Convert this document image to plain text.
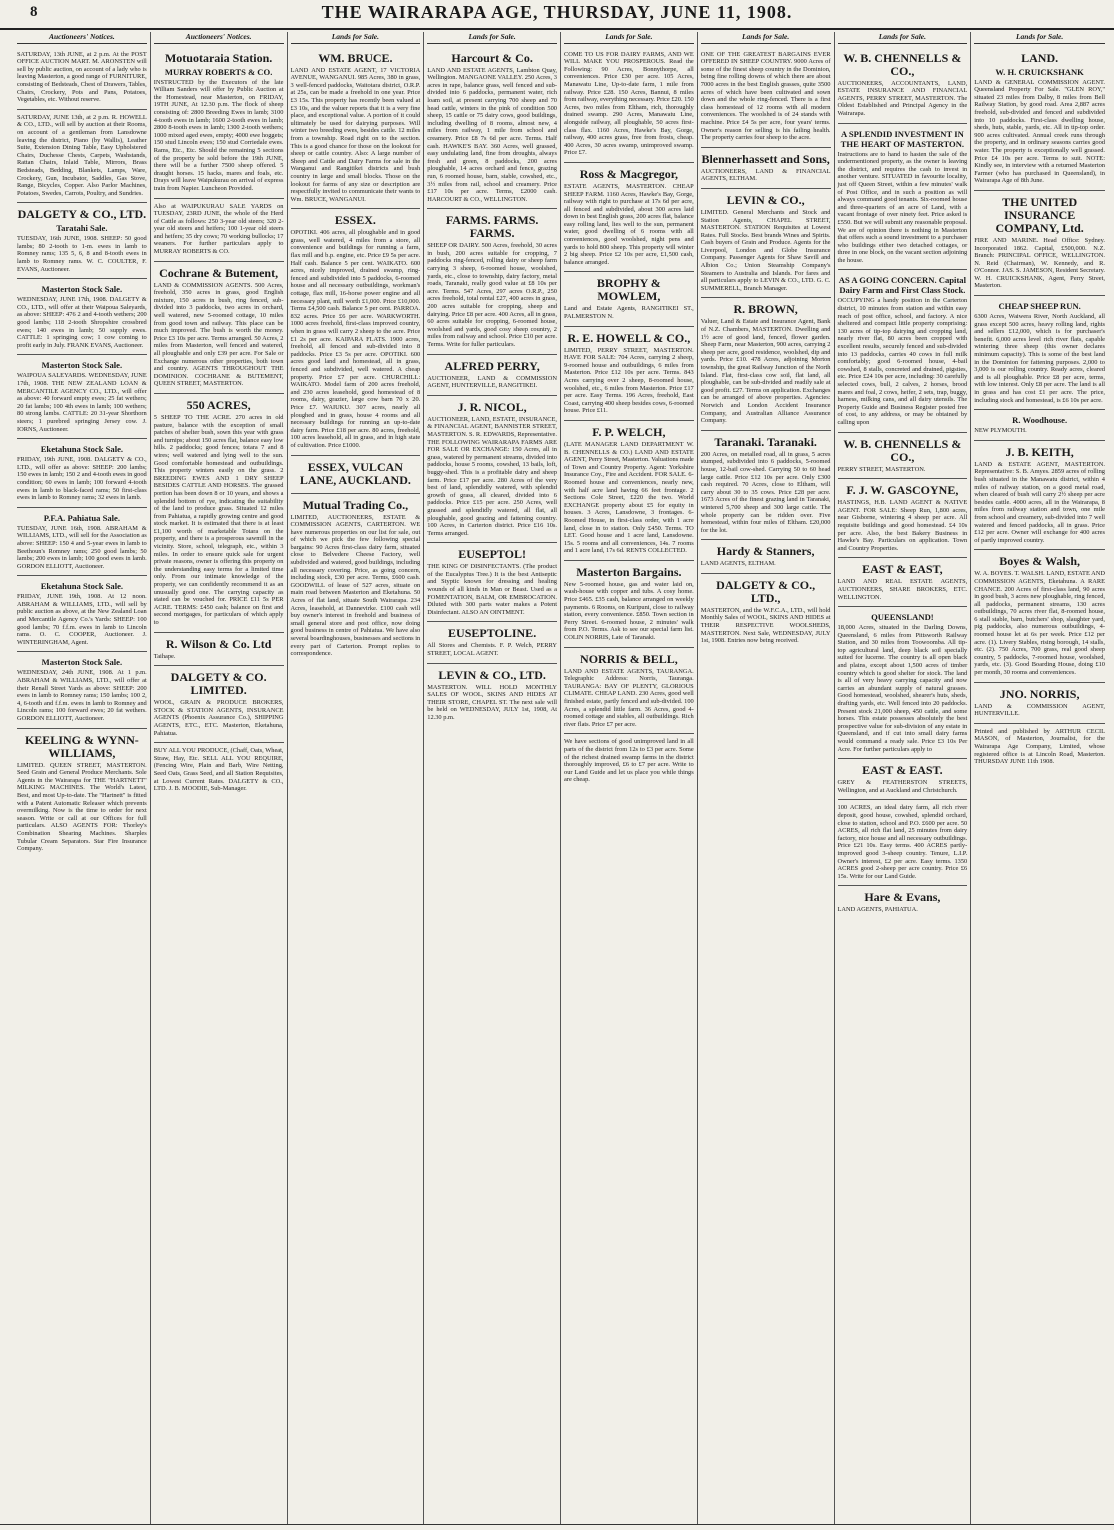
8	THE WAIRARAPA AGE, THURSDAY, JUNE 11, 1908.
Auctioneers' Notices.
SATURDAY, 13th JUNE, at 2 p.m. At the POST OFFICE AUCTION MART. M. ARONSTEN will sell by public auction, on account of a lady who is leaving Masterton, a good range of FURNITURE, consisting of Bedsteads, Chest of Drawers, Tables, Chairs, Crockery, Pots and Pans, Potatoes, Vegetables, etc. Without reserve.
SATURDAY, JUNE 13th, at 2 p.m. R. HOWELL & CO., LTD., will sell by auction at their Rooms, on account of a gentleman from Lansdowne leaving the district, Piano (by Wallis), Leather Suite, Extension Dining Table, Easy Upholstered Chairs, Duchesse Chests, Carpets, Washstands, Rattan Chairs, Inlaid Table, Mirrors, Brass Bedsteads, Bedding, Blankets, Lamps, Ware, Crockery, Gun, Incubator, Saddles, Gas Stove, Range, Bicycles, Copper. Also Parlor Machines, Potatoes, Swedes, Carrots, Poultry, and Sundries.
DALGETY & CO., LTD.
Taratahi Sale.
TUESDAY, 16th JUNE, 1908. SHEEP: 50 good lambs; 80 2-tooth to 1-m. ewes in lamb to Romney rams; 135 5, 6, 8 and 8-tooth ewes in lamb to Romney rams. W. C. COULTER, F. EVANS, Auctioneer.
Masterton Stock Sale.
WEDNESDAY, JUNE 17th, 1908. DALGETY & CO., LTD., will offer at their Waipoua Saleyards, as above: SHEEP: 476 2 and 4-tooth wethers; 200 good lambs; 118 2-tooth Shropshire crossbred ewes; 140 ewes in lamb; 50 supply ewes. CATTLE: 1 springing cow; 1 cow coming to profit early in July. FRANK EVANS, Auctioneer.
Masterton Stock Sale.
WAIPOUA SALEYARDS. WEDNESDAY, JUNE 17th, 1908. THE NEW ZEALAND LOAN & MERCANTILE AGENCY CO., LTD., will offer as above: 40 forward empty ewes; 25 fat wethers; 20 fat lambs; 100 4th ewes in lamb; 100 wethers; 80 strong lambs. CATTLE: 20 31-year Shorthorn steers; 1 purebred springing Jersey cow. J. IORNS, Auctioneer.
Eketahuna Stock Sale.
FRIDAY, 19th JUNE, 1908. DALGETY & CO., LTD., will offer as above: SHEEP: 200 lambs; 150 ewes in lamb; 150 2 and 4-tooth ewes in good condition; 60 ewes in lamb; 100 forward 4-tooth ewes in lamb to black-faced rams; 50 first-class ewes in lamb to Romney rams; 32 ewes in lamb.
P.F.A. Pahiatua Sale.
TUESDAY, JUNE 16th, 1908. ABRAHAM & WILLIAMS, LTD., will sell for the Association as above: SHEEP: 150 4 and 5-year ewes in lamb to Beethoun's Romney rams; 250 good lambs; 50 lambs; 200 ewes in lamb; 100 good ewes in lamb. GORDON ELLIOTT, Auctioneer.
Eketahuna Stock Sale.
FRIDAY, JUNE 19th, 1908. At 12 noon. ABRAHAM & WILLIAMS, LTD., will sell by public auction as above, at the New Zealand Loan and Mercantile Agency Co.'s Yards: SHEEP: 100 good lambs; 70 f.f.m. ewes in lamb to Lincoln rams. O. C. COOPER, Auctioneer. J. WINTERINGHAM, Agent.
Masterton Stock Sale.
WEDNESDAY, 24th JUNE, 1908. At 1 p.m. ABRAHAM & WILLIAMS, LTD., will offer at their Renall Street Yards as above: SHEEP: 200 ewes in lamb to Romney rams; 150 lambs; 100 2, 4, 6-tooth and f.f.m. ewes in lamb to Romney and Lincoln rams; 100 forward ewes; 20 fat wethers. GORDON ELLIOTT, Auctioneer.
KEELING & WYNN-WILLIAMS,
LIMITED. QUEEN STREET, MASTERTON. Seed Grain and General Produce Merchants. Sole Agents in the Wairarapa for THE "HARTNETT" MILKING MACHINES. The World's Latest, Best, and most Up-to-date. The "Hartnett" is fitted with a Patent Automatic Releaser which prevents overmilking. Now is the time to order for next season. Write or call at our Offices for full particulars. ALSO AGENTS FOR: Thorley's Combination Shearing Machines. Sharples Tubular Cream Separators. Star Fire Insurance Company.
Auctioneers' Notices.
Motuotaraia Station.
MURRAY ROBERTS & CO.
INSTRUCTED by the Executors of the late William Sanders will offer by Public Auction at the Homestead, near Masterton, on FRIDAY, 19TH JUNE, At 12.30 p.m. The flock of sheep consisting of: 2800 Breeding Ewes in lamb; 3100 4-tooth ewes in lamb; 1600 2-tooth ewes in lamb; 2800 8-tooth ewes in lamb; 1300 2-tooth wethers; 1000 mixed aged ewes, empty; 4000 ewe hoggets; 150 stud Lincoln ewes; 150 stud Corriedale ewes. Rams, Etc., Etc. Should the remaining 5 sections of the property be sold before the 19th JUNE, there will be a further 7500 sheep offered. 5 draught horses. 15 hacks, mares and foals, etc. Drays will leave Waipukurau on arrival of express train from Napier. Luncheon Provided.
Also at WAIPUKURAU SALE YARDS on TUESDAY, 23RD JUNE, the whole of the Herd of Cattle as follows: 250 3-year old steers; 320 2-year old steers and heifers; 100 1-year old steers and heifers; 35 dry cows; 70 working bullocks; 17 weaners. For further particulars apply to MURRAY ROBERTS & CO.
Cochrane & Butement,
LAND & COMMISSION AGENTS. 500 Acres, freehold, 350 acres in grass, good English mixture, 150 acres in bush, ring fenced, sub-divided into 3 paddocks, two acres in orchard, well watered, new 5-roomed cottage, 10 miles from good town and railway. This place can be much improved. The bush is worth the money. Price £3 10s per acre. Terms arranged. 50 Acres, 2 miles from Masterton, well fenced and watered, all ploughable and only £39 per acre. For Sale or Exchange numerous other properties, both town and country. AGENTS THROUGHOUT THE DOMINION. COCHRANE & BUTEMENT, QUEEN STREET, MASTERTON.
550 ACRES,
5 SHEEP TO THE ACRE. 270 acres in old pasture, balance with the exception of small patches of shelter bush, sown this year with grass and turnips; about 150 acres flat, balance easy low hills. 2 paddocks; good fences; totara 7 and 8 wires; well watered and lying well to the sun. Good comfortable homestead and outbuildings. This property winters easily on the grass. 2 BREEDING EWES AND 1 DRY SHEEP BESIDES CATTLE AND HORSES. The grassed portion has been down 8 or 10 years, and shows a splendid bottom of rye, indicating the suitability of the land to produce grass. Situated 12 miles from Pahiatua, a rapidly growing centre and good stock market. It is estimated that there is at least £1,100 worth of marketable Totara on the property, and there is a prosperous sawmill in the vicinity. Store, school, telegraph, etc., within 3 miles. In order to ensure quick sale for urgent private reasons, owner is offering this property on the understanding easy terms for a limited time only. From our intimate knowledge of the property, we can confidently recommend it as an unusually good one. The carrying capacity as stated can be vouched for. PRICE £11 5s PER ACRE. TERMS: £450 cash; balance on first and second mortgages, for particulars of which apply to
R. Wilson & Co. Ltd
Taihape.
DALGETY & CO. LIMITED.
WOOL, GRAIN & PRODUCE BROKERS, STOCK & STATION AGENTS, INSURANCE AGENTS (Phoenix Assurance Co.), SHIPPING AGENTS, ETC., ETC. Masterton, Eketahuna, Pahiatua.
BUY ALL YOU PRODUCE, (Chaff, Oats, Wheat, Straw, Hay, Etc. SELL ALL YOU REQUIRE, (Fencing Wire, Plain and Barb, Wire Netting, Seed Oats, Grass Seed, and all Station Requisites, at Lowest Current Rates. DALGETY & CO., LTD. J. B. MOODIE, Sub-Manager.
Lands for Sale.
WM. BRUCE.
LAND AND ESTATE AGENT, 17 VICTORIA AVENUE, WANGANUI. 985 Acres, 380 in grass, 3 well-fenced paddocks, Waitotara district, O.R.P. at 25s, can be made a freehold in one year. Price £3 15s. This property has recently been valued at £3 10s, and the valuer reports that it is a very fine place, and exceptional value. A portion of it could ultimately be used for dairying purposes. Will winter two breeding ewes, besides cattle. 12 miles from a township. Road right on to the section. This is a good chance for those on the lookout for sheep or cattle country. Also: A large number of Sheep and Cattle and Dairy Farms for sale in the Wanganui and Rangitikei districts and bush country in large and small blocks. Those on the lookout for farms of any size or description are respectfully invited to communicate their wants to Wm. BRUCE, WANGANUI.
ESSEX.
OPOTIKI. 406 acres, all ploughable and in good grass, well watered, 4 miles from a store, all convenience and buildings for running a farm, flax mill and b.p. engine, etc. Price £9 5s per acre. Half cash. Balance 5 per cent. WAIKATO. 600 acres, nicely improved, drained swamp, ring-fenced and subdivided into 5 paddocks, 6-roomed house and all necessary outbuildings, workman's cottage, flax mill, 16-horse power engine and all necessary plant, mill worth £1,000. Price £10,000. Terms £4,500 cash. Balance 5 per cent. PARROA. 832 acres. Price £6 per acre. WARKWORTH. 1000 acres freehold, first-class improved country, when in grass will carry 2 sheep to the acre. Price £1 2s per acre. KAIPARA FLATS. 1900 acres, freehold, all fenced and sub-divided into 8 paddocks. Price £3 5s per acre. OPOTIKI. 600 acres good land and homestead, all in grass, fenced and subdivided, well watered. A cheap property. Price £7 per acre. CHURCHILL: WAIKATO. Model farm of 200 acres freehold, and 230 acres leasehold, good homestead of 8 rooms, dairy, grazier, large cow barn 70 x 20. Price £7. WAIUKU. 307 acres, nearly all ploughed and in grass, house 4 rooms and all necessary buildings for running an up-to-date dairy farm. Price £18 per acre. 80 acres, freehold, 100 acres leasehold, all in grass, and in high state of cultivation. Price £1000.
ESSEX, VULCAN LANE, AUCKLAND.
Mutual Trading Co.,
LIMITED, AUCTIONEERS, ESTATE & COMMISSION AGENTS, CARTERTON. WE have numerous properties on our list for sale, out of which we pick the few following special bargains: 90 Acres first-class dairy farm, situated close to Belvedere Cheese Factory, well subdivided and watered, good buildings, including all necessary covering. Price, as going concern, including stock, £30 per acre. Terms, £600 cash. GOODWILL of lease of 527 acres, situate on main road between Masterton and Eketahuna. 50 Acres of flat land, situate South Wairarapa. 234 Acres, leasehold, at Dannevirke. £100 cash will buy owner's interest in freehold and business of small general store and post office, now doing good business in centre of Pahiatua. We have also several boardinghouses, businesses and sections in every part of Carterton. Prompt replies to correspondence.
Lands for Sale.
Harcourt & Co.
LAND AND ESTATE AGENTS, Lambton Quay, Wellington. MANGAONE VALLEY. 250 Acres, 3 acres in rape, balance grass, well fenced and sub-divided into 6 paddocks, permanent water, rich loam soil, at present carrying 700 sheep and 70 head cattle, winters in the pink of condition 500 sheep, 15 cattle or 75 dairy cows, good buildings, including dwelling of 8 rooms, almost new, 4 miles from railway, 1 mile from school and creamery. Price £8 7s 6d per acre. Terms. Half cash. HAWKE'S BAY. 360 Acres, well grassed, easy undulating land, fine from droughts, always fresh and green, 8 paddocks, 200 acres ploughable, 14 acres orchard and fence, grazing run, 6 roomed house, barn, stable, cowshed, etc., 3½ miles from rail, school and creamery. Price £17 10s per acre. Terms, £2000 cash. HARCOURT & CO., WELLINGTON.
FARMS. FARMS. FARMS.
SHEEP OR DAIRY. 500 Acres, freehold, 30 acres in bush, 200 acres suitable for cropping, 7 paddocks ring-fenced, rolling dairy or sheep farm carrying 3 sheep, 6-roomed house, woolshed, yards, etc., close to township, dairy factory, metal roads, Taranaki, really good value at £8 10s per acre. Terms. 547 Acres, 297 acres O.R.P., 250 acres freehold, total rental £27, 400 acres in grass, 200 acres suitable for cropping, sheep and dairying. Price £8 per acre. 400 Acres, all in grass, 60 acres suitable for cropping, 6-roomed house, woolshed and yards, good cosy sheep country, 2 miles from railway and school. Price £10 per acre. Terms. Write for fuller particulars.
ALFRED PERRY,
AUCTIONEER, LAND & COMMISSION AGENT, HUNTERVILLE, RANGITIKEI.
J. R. NICOL,
AUCTIONEER, LAND, ESTATE, INSURANCE, & FINANCIAL AGENT, BANNISTER STREET, MASTERTON. S. R. EDWARDS, Representative. THE FOLLOWING WAIRARAPA FARMS ARE FOR SALE OR EXCHANGE: 150 Acres, all in grass, watered by permanent streams, divided into paddocks, house 5 rooms, cowshed, 13 bails, loft, buggy-shed. This is a profitable dairy and sheep farm. Price £17 per acre. 280 Acres of the very best of land, splendidly watered, with splendid growth of grass, all cleared, divided into 6 paddocks. Price £15 per acre. 250 Acres, well grassed and splendidly watered, all flat, all ploughable, good grazing and fattening country. 100 Acres, in Carterton district. Price £16 10s. Terms arranged.
EUSEPTOL!
THE KING OF DISINFECTANTS. (The product of the Eucalyptus Tree.) It is the best Antiseptic and Styptic known for dressing and healing wounds of all kinds in Man or Beast. Used as a FOMENTATION, BALM, OR EMBROCATION. Diluted with 300 parts water makes a Potent Disinfectant. ALSO AN OINTMENT.
EUSEPTOLINE.
All Stores and Chemists. F. P. Welch, PERRY STREET, LOCAL AGENT.
LEVIN & CO., LTD.
MASTERTON. WILL HOLD MONTHLY SALES OF WOOL, SKINS AND HIDES AT THEIR STORE, CHAPEL ST. The next sale will be held on WEDNESDAY, JULY 1st, 1908, At 12.30 p.m.
Lands for Sale.
COME TO US FOR DAIRY FARMS, AND WE WILL MAKE YOU PROSPEROUS. Read the Following: 90 Acres, Bonnythorpe, all conveniences. Price £30 per acre. 105 Acres, Manawatu Line, Up-to-date farm, 1 mile from railway. Price £28. 150 Acres, Bannui, 8 miles from railway, everything necessary. Price £20. 150 Acres, two miles from Eltham, rich, thoroughly drained swamp. 290 Acres, Manawatu Line, alongside railway, all ploughable, 50 acres first-class flax. 1160 Acres, Hawke's Bay, Gorge, railway, 400 acres grass, free from frosts, cheap. 400 Acres, 30 acres swamp, unimproved swamp. Price £7.
Ross & Macgregor,
ESTATE AGENTS, MASTERTON. CHEAP SHEEP FARM. 1160 Acres, Hawke's Bay, Gorge, railway with right to purchase at 17s 6d per acre, all fenced and subdivided, about 300 acres laid down in best English grass, 200 acres flat, balance easy rolling land, lies well to the sun, permanent water, good dwelling of 6 rooms with all conveniences, good woolshed, night pens and yards to hold 800 sheep. This property will winter 2 big sheep. Price £2 10s per acre, £1,500 cash, balance arranged.
BROPHY & MOWLEM,
Land and Estate Agents, RANGITIKEI ST., PALMERSTON N.
R. E. HOWELL & CO.,
LIMITED, PERRY STREET, MASTERTON. HAVE FOR SALE: 704 Acres, carrying 2 sheep, 9-roomed house and outbuildings, 6 miles from Masterton. Price £12 10s per acre. Terms. 843 Acres carrying over 2 sheep, 8-roomed house, woolshed, etc., 6 miles from Masterton. Price £17 per acre. Easy Terms. 196 Acres, freehold, East Coast, carrying 400 sheep besides cows, 6-roomed house. Price £11.
F. P. WELCH,
(LATE MANAGER LAND DEPARTMENT W. B. CHENNELLS & CO.) LAND AND ESTATE AGENT, Perry Street, Masterton. Valuations made of Town and Country Property. Agent: Yorkshire Insurance Coy., Fire and Accident. FOR SALE. 6-Roomed house and conveniences, nearly new, with half acre land having 66 feet frontage. 2 Sections Cole Street, £220 the two. World EXCHANGE property about £5 for equity in houses. 3 Acres, Lansdowne, 3 frontages. 6-Roomed House, in first-class order, with 1 acre land, close in to station. Only £450. Terms. TO LET. Good house and 1 acre land, Lansdowne. 15s. 5 rooms and all conveniences, 14s. 7 rooms and 1 acre land, 17s 6d. RENTS COLLECTED.
Masterton Bargains.
New 5-roomed house, gas and water laid on, wash-house with copper and tubs. A cosy home. Price £465. £35 cash, balance arranged on weekly payments. 6 Rooms, on Kuripuni, close to railway station, every convenience. £850. Town section in Perry Street. 6-roomed house, 2 minutes' walk from P.O. Terms. Ask to see our special farm list. COLIN NORRIS, Late of Taranaki.
NORRIS & BELL,
LAND AND ESTATE AGENTS, TAURANGA. Telegraphic Address: Norris, Tauranga. TAURANGA: BAY OF PLENTY, GLORIOUS CLIMATE. CHEAP LAND. 230 Acres, good well finished estate, partly fenced and sub-divided. 100 Acres, a splendid little farm. 36 Acres, good 4-roomed cottage and stables, all outbuildings. Rich river flats. Price £7 per acre.
We have sections of good unimproved land in all parts of the district from 12s to £3 per acre. Some of the richest drained swamp farms in the district thoroughly improved, £6 to £7 per acre. Write to our Land Guide and let us place you while things are cheap.
Lands for Sale.
ONE OF THE GREATEST BARGAINS EVER OFFERED IN SHEEP COUNTRY. 9000 Acres of some of the finest sheep country in the Dominion, being fine rolling downs of which there are about 7000 acres in the best English grasses, quite 3500 acres of which have been cultivated and sown down and the whole ring-fenced. There is a first class homestead of 12 rooms with all modern conveniences. The woolshed is of 24 stands with machine. Price £4 5s per acre, four years' terms. Owner's reason for selling is his failing health. The property carries four sheep to the acre.
Blennerhassett and Sons,
AUCTIONEERS, LAND & FINANCIAL AGENTS, ELTHAM.
LEVIN & CO.,
LIMITED. General Merchants and Stock and Station Agents, CHAPEL STREET, MASTERTON. STATION Requisites at Lowest Rates. Full Stocks. Best brands Wines and Spirits. Cash buyers of Grain and Produce. Agents for the Liverpool, London and Globe Insurance Company. Passenger Agents for Shaw Savill and Albion Co.; Union Steamship Company's Steamers to Australia and Islands. For fares and all particulars apply to LEVIN & CO., LTD. G. C. SUMMERELL, Branch Manager.
R. BROWN,
Valuer, Land & Estate and Insurance Agent, Bank of N.Z. Chambers, MASTERTON. Dwelling and 1½ acre of good land, fenced, flower garden. Sheep Farm, near Masterton, 900 acres, carrying 2 sheep per acre, good residence, woolshed, dip and yards. Price £10. 478 Acres, adjoining Morton township, the great Railway Junction of the North Island. Flat, first-class cow soil, flat land, all ploughable, can be sub-divided and readily sale at good profit. £27. Terms on application. Exchanges can be arranged of above properties. Agencies: Norwich and London Accident Insurance Company, and Australian Alliance Assurance Company.
Taranaki. Taranaki.
200 Acres, on metalled road, all in grass, 5 acres stumped, subdivided into 6 paddocks, 5-roomed house, 12-bail cow-shed. Carrying 50 to 60 head large cattle. Price £12 10s per acre. Only £300 cash required. 70 Acres, close to Eltham, will carry about 30 to 35 cows. Price £28 per acre. 1673 Acres of the finest grazing land in Taranaki, wintered 5,700 sheep and 300 large cattle. The whole property can be ridden over. Five homestead, within four miles of Eltham. £20,000 for the lot.
Hardy & Stanners,
LAND AGENTS, ELTHAM.
DALGETY & CO., LTD.,
MASTERTON, and the W.F.C.A., LTD., will hold Monthly Sales of WOOL, SKINS AND HIDES at THEIR RESPECTIVE WOOLSHEDS, MASTERTON. Next Sale, WEDNESDAY, JULY 1st, 1908. Entries now being received.
Lands for Sale.
W. B. CHENNELLS & CO.,
AUCTIONEERS, ACCOUNTANTS, LAND, ESTATE INSURANCE AND FINANCIAL AGENTS, PERRY STREET, MASTERTON. The Oldest Established and Principal Agency in the Wairarapa.
A SPLENDID INVESTMENT IN THE HEART OF MASTERTON.
Instructions are to hand to hasten the sale of the undermentioned property, as the owner is leaving the district, and requires the cash to invest in another venture. SITUATED in favourite locality, just off Queen Street, within a few minutes' walk of Post Office, and in such a position as will always command good tenants. Six-roomed house and three-quarters of an acre of Land, with a vacant frontage of over ninety feet. Price asked is £550. But we will submit any reasonable proposal. We are of opinion there is nothing in Masterton that offers such a sound investment to a purchaser who buildings either two detached cottages, or three in one block, on the vacant section adjoining the house.
AS A GOING CONCERN. Capital Dairy Farm and First Class Stock.
OCCUPYING a handy position in the Carterton district, 10 minutes from station and within easy reach of post office, school, and factory. A nice sheltered and compact little property comprising: 130 acres of tip-top dairying and cropping land, nearly river flat, 80 acres been cropped with excellent results, securely fenced and sub-divided into 13 paddocks, carries 40 cows in full milk comfortably; good 6-roomed house, 4-bail cowshed, 8 stalls, concreted and drained, pigsties, etc. Price £24 10s per acre, including: 30 carefully selected cows, bull, 2 calves, 2 horses, brood mares and foal, 2 cows, heifer, 2 sets, trap, buggy, harness, milking cans, and all dairy utensils. The Property Guide and Business Register posted free of cost, to any address, or may be obtained by calling upon
W. B. CHENNELLS & CO.,
PERRY STREET, MASTERTON.
F. J. W. GASCOYNE,
HASTINGS, H.B. LAND AGENT & NATIVE AGENT. FOR SALE: Sheep Run, 1,800 acres, near Gisborne, wintering 4 sheep per acre. All requisite buildings and good homestead. £4 10s per acre. Also, the best Bakery Business in Hawke's Bay. Particulars on application. Town and Country Properties.
EAST & EAST,
LAND AND REAL ESTATE AGENTS, AUCTIONEERS, SHARE BROKERS, ETC. WELLINGTON.
QUEENSLAND!
18,000 Acres, situated in the Darling Downs, Queensland, 6 miles from Pittsworth Railway Station, and 30 miles from Toowoomba. All tip-top agricultural land, deep black soil specially suited for lucerne. The country is all open black and plains, except about 1,500 acres of timber country which is good shelter for stock. The land is all of very heavy carrying capacity and now carries an abundant supply of natural grasses. Good homestead, woolshed, shearer's huts, sheds, drafting yards, etc. Well fenced into 20 paddocks. Present stock 21,000 sheep, 450 cattle, and some horses. This estate possesses absolutely the best prospective value for sub-division of any estate in Queensland, and if cut into small dairy farms would command a ready sale. Price £3 10s Per Acre. For further particulars apply to
EAST & EAST.
GREY & FEATHERSTON STREETS, Wellington, and at Auckland and Christchurch.
100 ACRES, an ideal dairy farm, all rich river deposit, good house, cowshed, splendid orchard, close to station, school and P.O. £600 per acre. 50 ACRES, all rich flat land, 25 minutes from dairy factory, nice house and all necessary outbuildings. Price £21 10s. Easy terms. 400 ACRES partly-improved good 3-sheep country. Tenure, L.I.P. Owner's interest, £2 per acre. Easy terms. 1350 ACRES good 2-sheep per acre country. Price £6 15s. Write for our Land Guide.
Hare & Evans,
LAND AGENTS, PAHIATUA.
Lands for Sale.
LAND.
W. H. CRUICKSHANK
LAND & GENERAL COMMISSION AGENT. Queensland Property For Sale. "GLEN ROY," situated 23 miles from Dalby, 8 miles from Bell Railway Station, by good road. Area 2,887 acres freehold, sub-divided and fenced and subdivided into 10 paddocks. First-class dwelling house, sheds, huts, stable, yards, etc. All in tip-top order. 900 acres cultivated. Annual creek runs through the property, and in ordinary seasons carries good water. The property is exceptionally well grassed. Price £4 10s per acre. Terms to suit. NOTE: Kindly see, in interview with a returned Masterton Farmer (who has purchased in Queensland), in Wairarapa Age of 8th June.
THE UNITED INSURANCE COMPANY, Ltd.
FIRE AND MARINE. Head Office: Sydney. Incorporated 1862. Capital, £500,000. N.Z. Branch: PRINCIPAL OFFICE, WELLINGTON. N. Reid (Chairman), W. Kennedy, and R. O'Connor. JAS. S. JAMESON, Resident Secretary. W. H. CRUICKSHANK, Agent, Perry Street, Masterton.
CHEAP SHEEP RUN.
6300 Acres, Waiwera River, North Auckland, all grass except 500 acres, heavy rolling land, rights and sellers £12,000, which is for purchaser's benefit. 6,000 acres level rich river flats, capable wintering three sheep (this owner declares minimum capacity). This is some of the best land in the Dominion for fattening purposes. 2,000 to 3,000 is our rolling country. Ready acres, cleared and is all ploughable. Price £8 per acre, terms, with low interest. Only £8 per acre. The land is all in grass and has cost £1 per acre. The price, including stock and homestead, is £6 10s per acre.
R. Woodhouse.
NEW PLYMOUTH.
J. B. KEITH,
LAND & ESTATE AGENT, MASTERTON. Representative: S. B. Amyes. 2859 acres of rolling bush situated in the Manawatu district, within 4 miles of railway station, on a good metal road, when cleared of bush will carry 2½ sheep per acre besides cattle. 4000 acres, all in the Wairarapa, 8 miles from railway station and town, one mile from school and creamery, sub-divided into 7 well watered and fenced paddocks, all in grass. Price £12 per acre. Owner will exchange for 400 acres of partly improved country.
Boyes & Walsh,
W. A. BOYES. T. WALSH. LAND, ESTATE AND COMMISSION AGENTS, Eketahuna. A RARE CHANCE. 200 Acres of first-class land, 90 acres in good bush, 3 acres new ploughable, ring fenced, all paddocks, permanent streams, 130 acres outbuildings, 70 acres river flat, 8-roomed house, 6 stall stable, barn, butchers' shop, slaughter yard, pig paddocks, also numerous outbuildings, 4-roomed house let at 6s per week. Price £12 per acre. (1). Livery Stables, rising borough, 14 stalls, etc. (2). 750 Acres, 700 grass, real good sheep country, 5 paddocks, 7-roomed house, woolshed, yards, etc. (3). Good Boarding House, doing £10 per month, 30 rooms and conveniences.
JNO. NORRIS,
LAND & COMMISSION AGENT, HUNTERVILLE.
Printed and published by ARTHUR CECIL MASON, of Masterton, Journalist, for the Wairarapa Age Company, Limited, whose registered office is at Lincoln Road, Masterton. THURSDAY JUNE 11th 1908.
